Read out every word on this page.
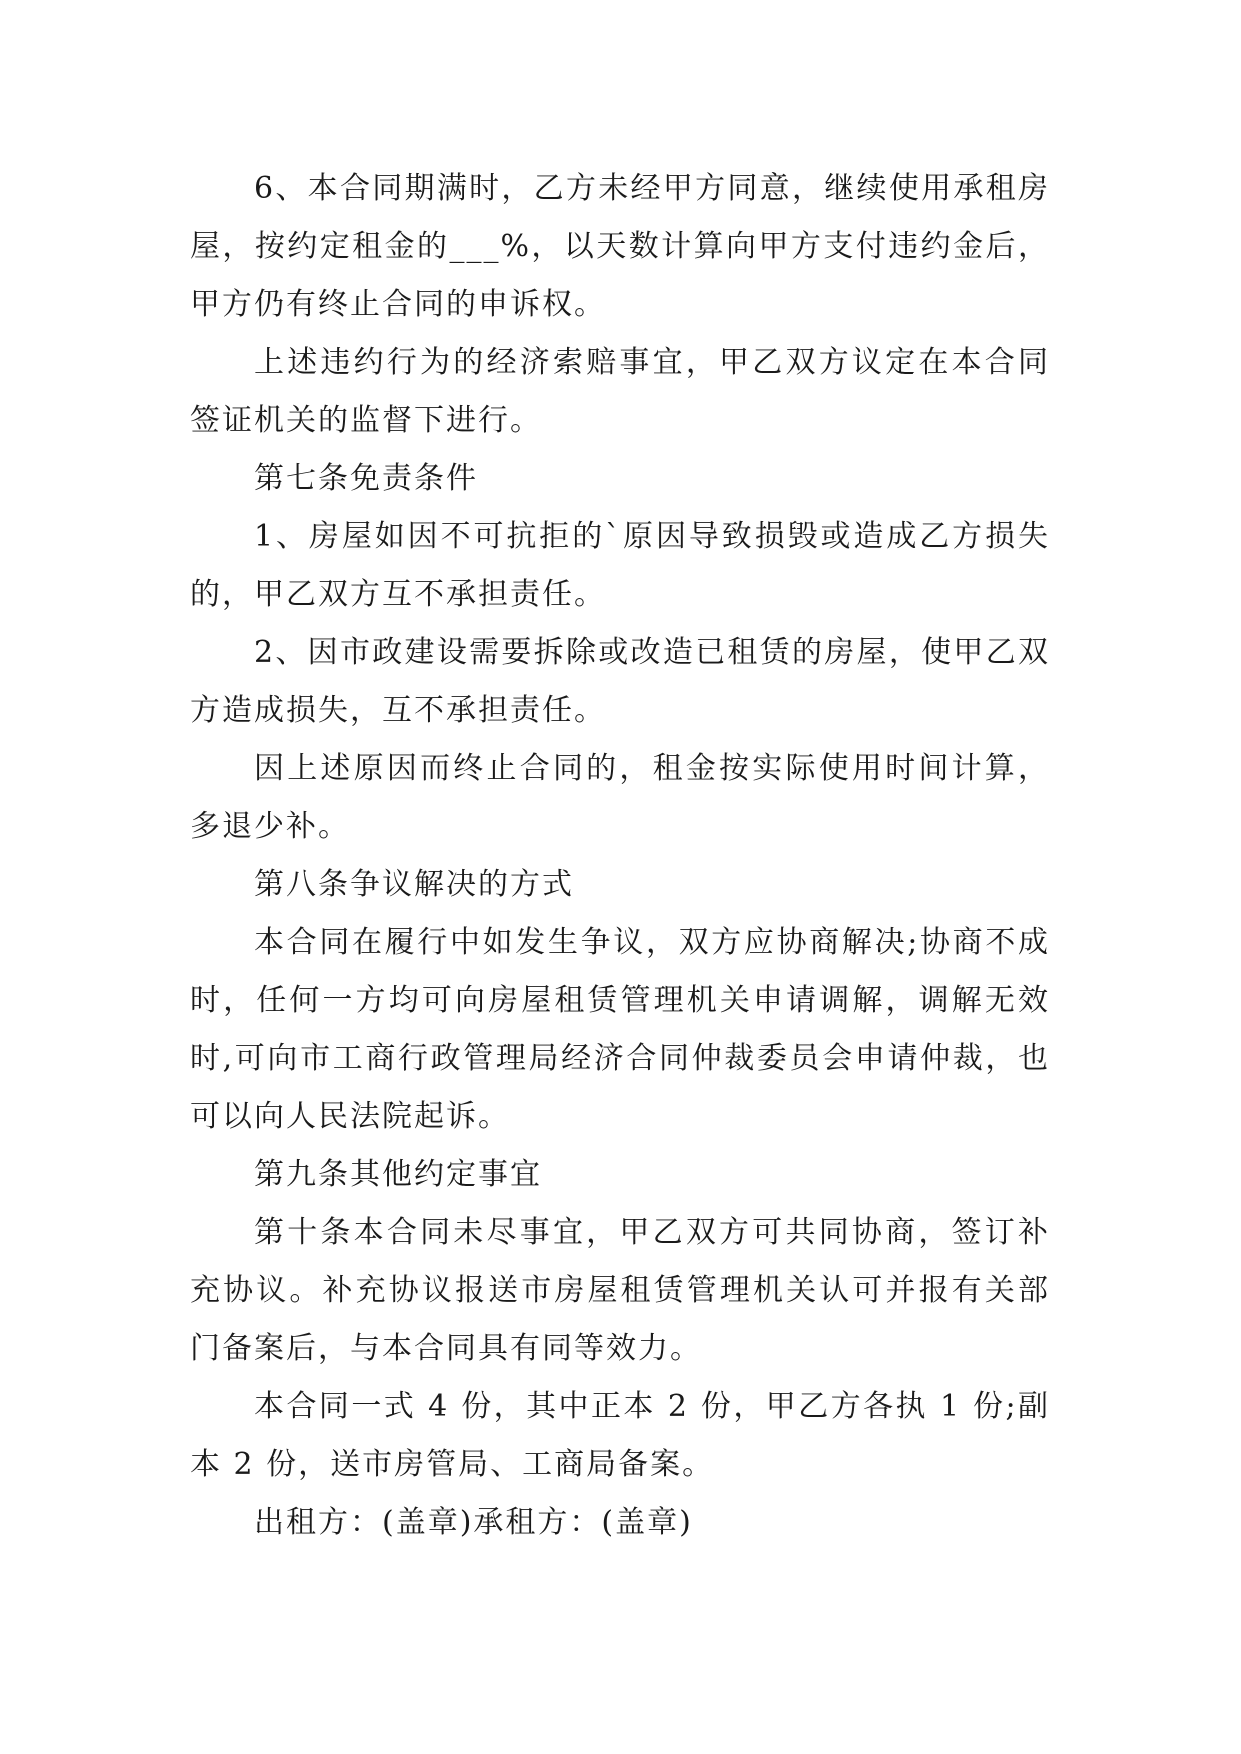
6、本合同期满时，乙方未经甲方同意，继续使用承租房屋，按约定租金的___%，以天数计算向甲方支付违约金后，甲方仍有终止合同的申诉权。

上述违约行为的经济索赔事宜，甲乙双方议定在本合同签证机关的监督下进行。

第七条免责条件

1、房屋如因不可抗拒的`原因导致损毁或造成乙方损失的，甲乙双方互不承担责任。

2、因市政建设需要拆除或改造已租赁的房屋，使甲乙双方造成损失，互不承担责任。

因上述原因而终止合同的，租金按实际使用时间计算，多退少补。

第八条争议解决的方式

本合同在履行中如发生争议，双方应协商解决;协商不成时，任何一方均可向房屋租赁管理机关申请调解，调解无效时,可向市工商行政管理局经济合同仲裁委员会申请仲裁，也可以向人民法院起诉。

第九条其他约定事宜

第十条本合同未尽事宜，甲乙双方可共同协商，签订补充协议。补充协议报送市房屋租赁管理机关认可并报有关部门备案后，与本合同具有同等效力。

本合同一式 4 份，其中正本 2 份，甲乙方各执 1 份;副本 2 份，送市房管局、工商局备案。

出租方：(盖章)承租方：(盖章)
